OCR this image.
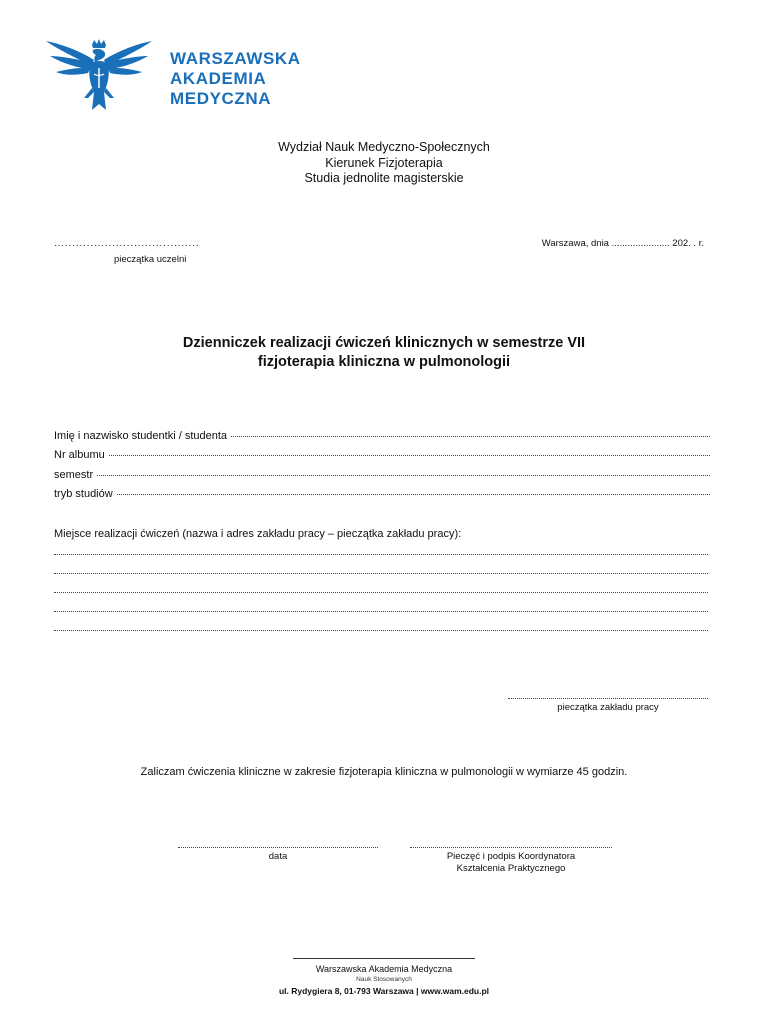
WARSZAWSKA
AKADEMIA
MEDYCZNA
Wydział Nauk Medyczno-Społecznych
Kierunek Fizjoterapia
Studia jednolite magisterskie
........................................
pieczątka uczelni
Warszawa, dnia ...................... 202. . r.
Dzienniczek realizacji ćwiczeń klinicznych w semestrze VII
fizjoterapia kliniczna w pulmonologii
Imię i nazwisko studentki / studenta
Nr albumu
semestr
tryb studiów
Miejsce realizacji ćwiczeń (nazwa i adres zakładu pracy – pieczątka zakładu pracy):
pieczątka zakładu pracy
Zaliczam ćwiczenia kliniczne w zakresie fizjoterapia kliniczna w pulmonologii w wymiarze 45 godzin.
data	Pieczęć i podpis Koordynatora
Kształcenia Praktycznego
Warszawska Akademia Medyczna
Nauk Stosowanych
ul. Rydygiera 8, 01-793 Warszawa | www.wam.edu.pl
